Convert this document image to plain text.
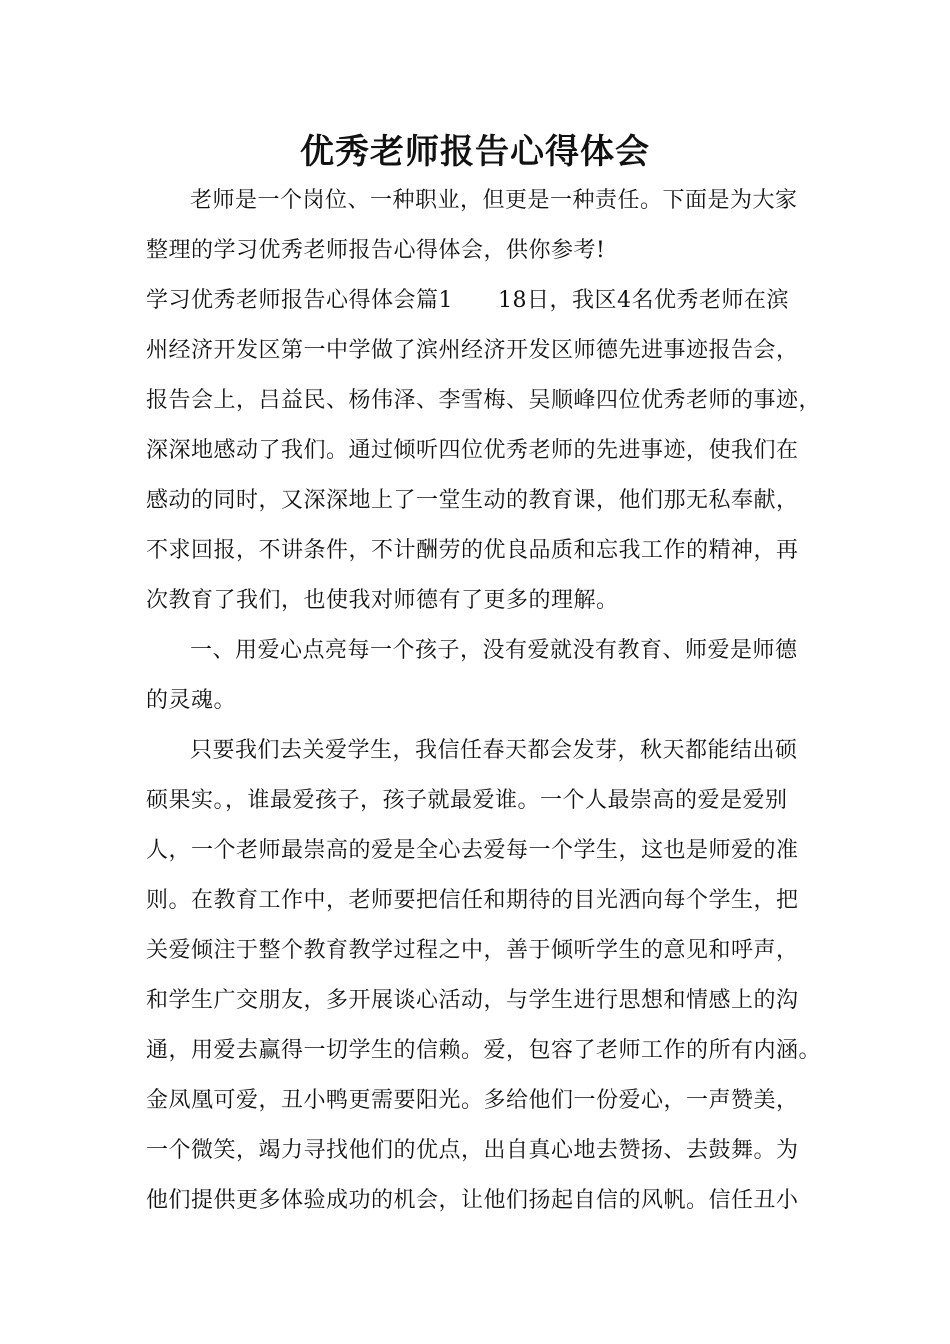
优秀老师报告心得体会
老师是一个岗位、一种职业，但更是一种责任。下面是为大家
整理的学习优秀老师报告心得体会，供你参考!
学习优秀老师报告心得体会篇1　　18日，我区4名优秀老师在滨
州经济开发区第一中学做了滨州经济开发区师德先进事迹报告会，
报告会上，吕益民、杨伟泽、李雪梅、吴顺峰四位优秀老师的事迹，
深深地感动了我们。通过倾听四位优秀老师的先进事迹，使我们在
感动的同时，又深深地上了一堂生动的教育课，他们那无私奉献，
不求回报，不讲条件，不计酬劳的优良品质和忘我工作的精神，再
次教育了我们，也使我对师德有了更多的理解。
一、用爱心点亮每一个孩子，没有爱就没有教育、师爱是师德
的灵魂。
只要我们去关爱学生，我信任春天都会发芽，秋天都能结出硕
硕果实。，谁最爱孩子，孩子就最爱谁。一个人最崇高的爱是爱别
人，一个老师最崇高的爱是全心去爱每一个学生，这也是师爱的准
则。在教育工作中，老师要把信任和期待的目光洒向每个学生，把
关爱倾注于整个教育教学过程之中，善于倾听学生的意见和呼声，
和学生广交朋友，多开展谈心活动，与学生进行思想和情感上的沟
通，用爱去赢得一切学生的信赖。爱，包容了老师工作的所有内涵。
金凤凰可爱，丑小鸭更需要阳光。多给他们一份爱心，一声赞美，
一个微笑，竭力寻找他们的优点，出自真心地去赞扬、去鼓舞。为
他们提供更多体验成功的机会，让他们扬起自信的风帆。信任丑小
